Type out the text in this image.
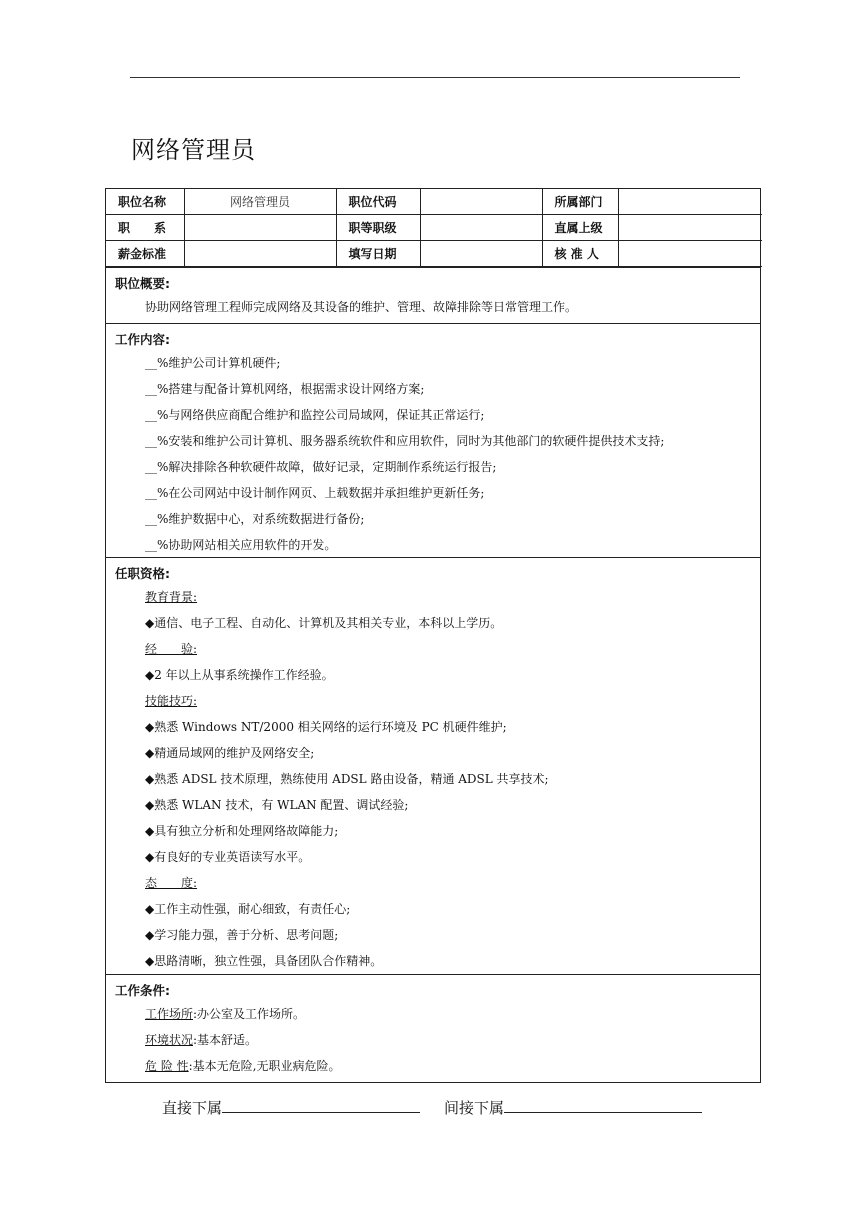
网络管理员
职位名称	网络管理员	职位代码		所属部门	
职　　系		职等职级		直属上级	
薪金标准		填写日期		核 准 人	
职位概要:
协助网络管理工程师完成网络及其设备的维护、管理、故障排除等日常管理工作。
工作内容:
__%维护公司计算机硬件;
__%搭建与配备计算机网络，根据需求设计网络方案;
__%与网络供应商配合维护和监控公司局域网，保证其正常运行;
__%安装和维护公司计算机、服务器系统软件和应用软件，同时为其他部门的软硬件提供技术支持;
__%解决排除各种软硬件故障，做好记录，定期制作系统运行报告;
__%在公司网站中设计制作网页、上载数据并承担维护更新任务;
__%维护数据中心，对系统数据进行备份;
__%协助网站相关应用软件的开发。
任职资格:
教育背景:
◆通信、电子工程、自动化、计算机及其相关专业，本科以上学历。
经　　验:
◆2 年以上从事系统操作工作经验。
技能技巧:
◆熟悉 Windows NT/2000 相关网络的运行环境及 PC 机硬件维护;
◆精通局域网的维护及网络安全;
◆熟悉 ADSL 技术原理，熟练使用 ADSL 路由设备，精通 ADSL 共享技术;
◆熟悉 WLAN 技术，有 WLAN 配置、调试经验;
◆具有独立分析和处理网络故障能力;
◆有良好的专业英语读写水平。
态　　度:
◆工作主动性强，耐心细致，有责任心;
◆学习能力强，善于分析、思考问题;
◆思路清晰，独立性强，具备团队合作精神。
工作条件:
工作场所:办公室及工作场所。
环境状况:基本舒适。
危 险 性:基本无危险,无职业病危险。
直接下属	间接下属
